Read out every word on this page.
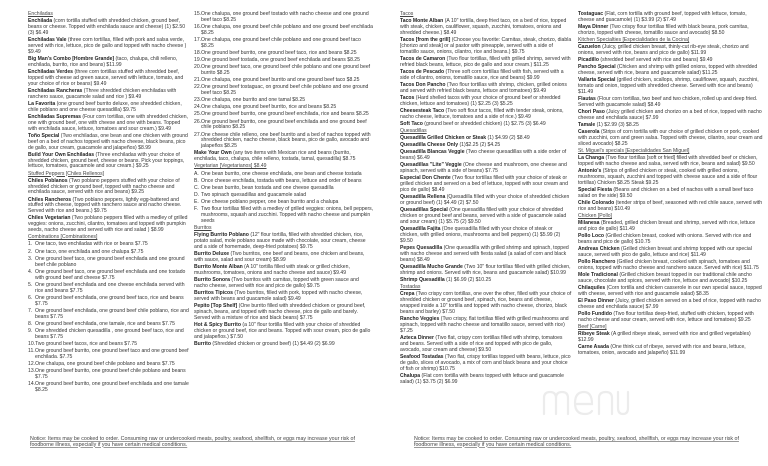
Enchiladas
Enchilada (corn tortilla stuffed with shredded chicken, ground beef, beans or cheese. Topped with enchilada sauce and cheese) (1) $2.50 (3) $6.49
Enchiladas Vale (three corn tortillas, filled with pork and salsa verde, served with rice, lettuce, pico de gallo and topped with nacho cheese ) $9.49
Big Man's Combo [Hombre Grande] (taco, chalupa, chili relleno, enchilada, burrito, rice and beans) $11.99
Enchiladas Verdes (three corn tortillas stuffed with shredded beef, topped with cheese ad green sauce, served with lettuce, tomato, and your choice of rice or beans) $9.49
Enchiladas Rancheras (Three shredded chicken enchiladas with ranchero sauce, guacamole salad and rice ) $9.49
La Favorita (one ground beef burrito deluxe, one shredded chicken, chile poblano and one cheese quesadilla) $9.75
Enchiladas Supremas (Four corn tortillas, one with shredded chicken, one with ground beef, one with cheese and one with beans. Topped with enchilada sauce, lettuce, tomatoes and sour cream.) $9.49
Toño Special (Two enchiladas, one bean and one chicken with ground beef on a bed of nachos topped with nacho cheese, black beans, pico de gallo, sour cream, guacamole and jalapeños) $8.99
Build Your Own Enchiladas (Three enchiladas with your choice of shredded chicken, ground beef, cheese or beans. Pick your toppings, lettuce, tomatoes, guacamole and sour cream.) $9.25
Stuffed Peppers [Chiles Rellenos]
Chiles Poblanos (Two poblano peppers stuffed with your choice of shredded chicken or ground beef, topped with nacho cheese and enchilada sauce, served with rice and beans) $9.25
Chiles Rancheros (Two poblano peppers, lightly egg-battered and stuffed with cheese, topped with ranchero sauce and nacho cheese. Served with rice and beans.) $9.75
Chiles Vegetarian (Two poblano peppers filled with a medley of grilled veggies: onions, zucchini, cilantro, tomatoes and topped with pumpkin seeds, nacho cheese and served with rice and salad ) $8.99
Combinations [Combinationes]
1. One taco, two enchiladas with rice or beans $7.75
2. One taco, one enchilada and one chalupa $7.75
3. One ground beef taco, one ground beef enchilada and one ground beef chile poblano
4. One ground beef taco, one ground beef enchilada and one tostado with ground beef and cheese $7.75
5. One ground beef enchilada and one cheese enchilada served with rice and beans $7.75
6. One ground beef enchilada, one ground beef taco, rice and beans $7.75
7. One ground beef enchilada, one ground beef chile poblano, rice and beans $7.75
8. One ground beef enchilada, one tamale, rice and beans $7.75
9. One shredded chicken quesadilla , one ground beef taco, rice and beans $7.75
10. Two ground beef tacos, rice and beans $7.75
11. One ground beef burrito, one ground beef taco and one ground beef enchilada. $7.75
12. One chalupa, one ground beef chile poblano and beans $7.75
13. One ground beef burrito, one ground beef chile poblano and beans $7.75
14. One ground beef burrito, one ground beef enchilada and one tamale $8.25
15. One chalupa, one ground beef tostado with nacho cheese and one ground beef taco $8.25
16. One chalupa, one ground beef chile poblano and one ground beef enchilada $8.25
17. One chalupa, one ground beef chile poblano and one ground beef taco $8.25
18. One ground beef burrito, one ground beef taco, rice and beans $8.25
19. One ground beef tostada, one ground beef enchilada and beans $8.25
20. One ground beef taco, one ground beef chile poblano and one ground beef burrito $8.25
21. One chalupa, one ground beef burrito and one ground beef taco $8.25
22. One ground beef tostaguac, on ground beef chile poblano and one ground beef taco $8.25
23. One chalupa, one burrito and one tamal $8.25
24. One chalupa, one ground beef burrito, rice and beans $8.25
25. One ground beef burrito, one ground beef enchilada, rice and beans $8.25
26. One ground beef burrito, one ground beef enchilada and one ground beef chile poblano $8.25
27. One cheese chile relleno, one beef burrito and a bed of nachos topped with shredded chicken, nacho cheese, black beans, pico de gallo, avocado and jalapeños $8.25
Make Your Own (any two items with Mexican rice and beans (burrito, enchilada, taco, chalupa, chile relleno, tostada, tamal, quesadilla) $8.75
Vegetarian [Vegetarianos] $8.49
A. One bean burrito, one cheese enchilada, one bean and cheese tostada
B. Once cheese enchilada, tostada with beans, lettuce and order of beans
C. One bean burrito, bean tostada and one cheese quesadilla
D. Two spinach quesadillas and guacamole salad
E. One cheese poblano pepper, one bean burrito and a chalupa
F. Two flour tortillas filled with a medley of grilled veggies: onions, bell peppers, mushrooms, squash and zucchini. Topped with nacho cheese and pumpkin seeds
Burritos
Flying Burrito Poblano (12" flour tortilla, filled with shredded chicken, rice, potato salad, mole poblano sauce made with chocolate, sour cream, cheese and a side of homemade, deep-fried potatoes) $9.75
Burrito Deluxe (Two burritos, one beef and beans, one chicken and beans, with sauce, salad and sour cream) $8.99
Burrito Monte Alban (A 10" tortilla filled with steak or grilled chicken, mushrooms, tomatoes, onions and nacho cheese and sauce) $9.49
Burrito Sonora (Two burritos with carnitas, topped with green sauce and nacho cheese, served with rice and pico de gallo) $9.75
Burritos Tipicos (Two burritos, filled with pork, topped with nacho cheese, served with beans and guacamole salad) $9.49
Pepito [Top Shelf] (One burrito filled with shredded chicken or ground beef, spinach, beans, and topped with nacho cheese, pico de gallo and barely. Served with a mixture of rice and black beans) $7.75
Hot & Spicy Burrito (a 10" flour tortilla filled with your choice of shredded chicken or ground beef, rice and beans. Topped with sour cream, pico de gallo and jalapeños.) $7.50
Burrito (Shredded chicken or ground beef) (1) $4.49 (2) $6.99
Tacos
Taco Monte Alban (A 10" tortilla, deep fried taco, on a bed of rice, topped with steak, chicken, cauliflower, squash, zucchini, tomatoes, onions and shredded cheese.) $8.49
Tacos [from the grill] (Choose you favorite: Carnitas, steak, chorizo, diabla [chorizo and steak] or al pastor with pineapple, served with a side of tomatillo sauce, onions, cilantro, rice and beans.) $9.75
Tacos de Camaron (Two flour tortillas, filled with grilled shrimp, served with refried black beans, lettuce, pico de gallo and sour cream.) $11.25
Tacos de Pescado (Three soft corn tortillas filled with fish, served with a side of cilantro, onions, tomatillo sauce, rice and beans) $9.99
Tacos Don Pancho (Two flour tortillas with shrimp, chicken, grilled onions and served with refried black beans, lettuce and tomatoes) $9.49
Tacos (Hard shelled tacos with your choice of ground beef or shredded chicken, lettuce and tomatoes) (1) $2.25 (3) $5.25
Cheesesteak Taco (Two soft flour tacos, filled with tender steak, onions, nacho cheese, lettuce, tomatoes and a side of rice.) $9.49
Soft Taco (ground beef or shredded chicken) (1) $2.75 (3) $6.49
Quesadillas
Quesadilla Grilled Chicken or Steak (1) $4.99 (2) $8.49
Quesadilla Cheese Only (1)$2.25 (2) $4.25
Quesadilla Blancas Veggie (Two cheese quesadillas with a side order of beans) $6.49
Quesadillas "Lite" Veggie (One cheese and mushroom, one cheese and spinach, served with a side of beans) $7.75
Especial Don Chente (Two flour tortillas filled with your choice of steak or grilled chicken and served on a bed of lettuce, topped with sour cream and pico de gallo) $8.49
Quesadilla Rellena (Quesadilla filled with your choice of shredded chicken or ground beef) (1) $4.49 (2) $7.50
Quesadillas Special (One quesadilla filled with your choice of shredded chicken or ground beef and beans, served with a side of guacamole salad and sour cream) (1) $5.75 (2) $9.50
Quesadilla Fajita (One quesadilla filled with your choice of steak or chicken, with grilled onions, mushrooms and bell peppers) (1) $5.99 (2) $9.50
Pepes Quesadilla (One quesadilla with grilled shrimp and spinach, topped with nacho cheese and served with fiesta salad (a salad of corn and black beans) $8.49
Quesadilla Mucho Grande (Two 10" flour tortillas filled with grilled chicken, shrimp and onions. Served with rice, beans and guacamole salad) $10.99
Shrimp Quesadilla (1) $6.99 (2) $10.25
Tostadas
Crepa (Two crispy corn tortillas, one over the other, filled with your choice of shredded chicken or ground beef, spinach, rice, beans and cheese, wrapped inside a 10" tortilla and topped with nacho cheese, chorizo, black beans and barley) $7.50
Rancho Veggies (Two crispy, flat tortillas filled with grilled mushrooms and spinach, topped with nacho cheese and tomatillo sauce, served with rice) $7.25
Azteca Dinner (Two flat, crispy corn tortillas filled with shrimp, tomatoes and beans. Served with a side of rice and topped with pico de gallo, avocado, sour cream and cheese) $9.50
Seafood Tostadas (Two flat, crispy tortillas topped with beans, lettuce, pico de gallo, slices of avocado, a mix of corn and black beans and your choice of fish or shrimp) $10.75
Chalupa (Flat corn tortilla with beans topped with lettuce and guacamole salad) (1) $3.75 (2) $6.99
Tostaguac (Flat, corn tortilla with ground beef, topped with lettuce, tomato, cheese and guacamole) (1) $3.99 (2) $7.49
Maya Dinner (Two crispy flour tortillas filled with black beans, pork carnitas, chorizo, topped with cheese, tomatillo sauce and avocado) $8.50
Kitchen Specialties [Especialidades de la Cocina]
Cazuelon (Juicy, grilled chicken breast, thinly-cut rib-eye steak, chorizo and onions, served with rice, beans and pico de gallo) $11.99
Picadillo (shredded beef served with rice and beans) $9.49
Pancho Special (Chicken and shrimp with grilled onions, topped with shredded cheese, served with rice, beans and guacamole salad) $11.25
Vallarta Special (grilled chicken, scallops, shrimp, cauliflower, squash, zucchini, tomato and onion, topped with shredded cheese. Served with rice and beans) $11.49
Flautas (Flour corn tortillas, two beef and two chicken, rolled up and deep fried. Served with guacamole salad) $8.49
Chori Paso (Juicy grilled chicken and chorizo on a bed of rice, topped with nacho cheese and enchilada sauce) $7.99
Tamale (1) $2.99 (3) $8.25
Caserola (Strips of corn tortilla with our choice of grilled chicken or pork, cooked with zucchini, corn and green salsa. Topped with cheese, cilantro, sour cream and sliced avocado) $8.25
St. Miguel's specials [Especialidades San Miguel]
La Changa (Two flour tortillas [soft or fried] filled with shredded beef or chicken, topped with nacho cheese and salsa, served with rice, beans and salad) $9.50
Antonio's (Strips of grilled chicken or steak, cooked with grilled onions, mushrooms, squash, zucchini and topped with cheese sauce and a side of flour tortillas) Chicken $8.25 Steak $9.25
Special Fiesta (Beans and chicken on a bed of nachos with a small beef taco salad on the side) $9.50
Chile Colorado (tender strips of beef, seasoned with red chile sauce, served with rice and beans) $10.49
Chicken [Pollo]
Milanesa (Breaded, grilled chicken breast and shrimp, served with rice, lettuce and pico de gallo) $11.49
Pollo Loco (Grilled chicken breast, cooked with onions. Served with rice and beans and pico de gallo) $10.75
Andreas Chicken (Grilled chicken breast and shrimp topped with our special sauce, served with pico de gallo, lettuce and rice) $11.49
Pollo Ranchero (Grilled chicken breast, cooked with spinach, tomatoes and onions, topped with nacho cheese and ranchero sauce. Served with rice) $11.75
Mole Tradicional (Grilled chicken breast topped in our traditional chile ancho sauce, chocolate and spices, served with rice, lettuce and avocado) $10.25
Chilaquiles (Corn tortilla and chicken casserole in our own special sauce, topped with cheese, served with rice and guacamole salad) $8.35
El Paso Dinner (Juicy, grilled chicken served on a bed of rice, topped with nacho cheese and enchilada sauce) $7.99
Pollo Fundido (Two flour tortillas deep-fried, stuffed with chicken, topped with nacho cheese and sour cream, served with rice, lettuce and tomatoes) $9.25
Beef [Carne]
Ribeye Steak (A grilled ribeye steak, served with rice and grilled vegetables) $12.99
Carne Asada (One think cut of ribeye, served with rice and beans, lettuce, tomatoes, onion, avocado and jalapeño) $11.99
Notice: Items may be cooked to order. Consuming raw or undercooked meats, poultry, seafood, shellfish, or eggs may increase your risk of foodborne illness, especially if you have certain medical conditions.
Notice: Items may be cooked to order. Consuming raw or undercooked meats, poultry, seafood, shellfish, or eggs may increase your risk of foodborne illness, especially if you have certain medical conditions.
